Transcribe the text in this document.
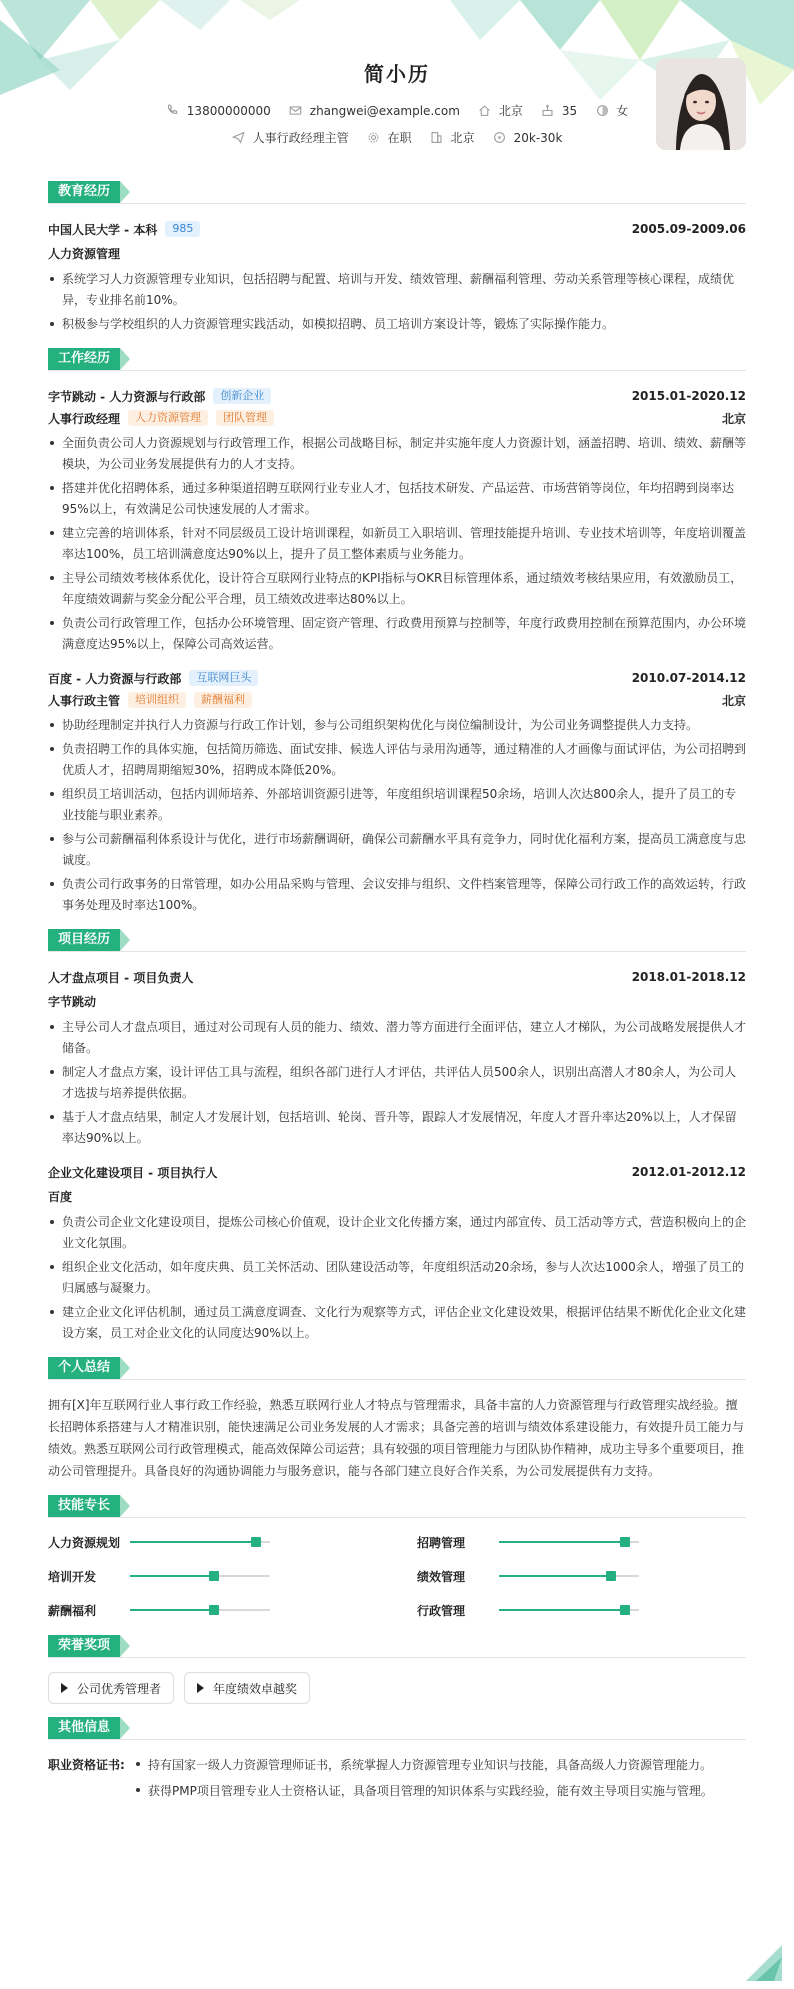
简小历
13800000000	zhangwei@example.com	北京	35	女
人事行政经理主管	在职	北京	20k-30k
教育经历
中国人民大学 - 本科	985	2005.09-2009.06
人力资源管理
系统学习人力资源管理专业知识，包括招聘与配置、培训与开发、绩效管理、薪酬福利管理、劳动关系管理等核心课程，成绩优异，专业排名前10%。
积极参与学校组织的人力资源管理实践活动，如模拟招聘、员工培训方案设计等，锻炼了实际操作能力。
工作经历
字节跳动 - 人力资源与行政部	创新企业	2015.01-2020.12
人事行政经理	人力资源管理	团队管理	北京
全面负责公司人力资源规划与行政管理工作，根据公司战略目标，制定并实施年度人力资源计划，涵盖招聘、培训、绩效、薪酬等模块，为公司业务发展提供有力的人才支持。
搭建并优化招聘体系，通过多种渠道招聘互联网行业专业人才，包括技术研发、产品运营、市场营销等岗位，年均招聘到岗率达95%以上，有效满足公司快速发展的人才需求。
建立完善的培训体系，针对不同层级员工设计培训课程，如新员工入职培训、管理技能提升培训、专业技术培训等，年度培训覆盖率达100%，员工培训满意度达90%以上，提升了员工整体素质与业务能力。
主导公司绩效考核体系优化，设计符合互联网行业特点的KPI指标与OKR目标管理体系，通过绩效考核结果应用，有效激励员工，年度绩效调薪与奖金分配公平合理，员工绩效改进率达80%以上。
负责公司行政管理工作，包括办公环境管理、固定资产管理、行政费用预算与控制等，年度行政费用控制在预算范围内，办公环境满意度达95%以上，保障公司高效运营。
百度 - 人力资源与行政部	互联网巨头	2010.07-2014.12
人事行政主管	培训组织	薪酬福利	北京
协助经理制定并执行人力资源与行政工作计划，参与公司组织架构优化与岗位编制设计，为公司业务调整提供人力支持。
负责招聘工作的具体实施，包括简历筛选、面试安排、候选人评估与录用沟通等，通过精准的人才画像与面试评估，为公司招聘到优质人才，招聘周期缩短30%，招聘成本降低20%。
组织员工培训活动，包括内训师培养、外部培训资源引进等，年度组织培训课程50余场，培训人次达800余人，提升了员工的专业技能与职业素养。
参与公司薪酬福利体系设计与优化，进行市场薪酬调研，确保公司薪酬水平具有竞争力，同时优化福利方案，提高员工满意度与忠诚度。
负责公司行政事务的日常管理，如办公用品采购与管理、会议安排与组织、文件档案管理等，保障公司行政工作的高效运转，行政事务处理及时率达100%。
项目经历
人才盘点项目 - 项目负责人	2018.01-2018.12
字节跳动
主导公司人才盘点项目，通过对公司现有人员的能力、绩效、潜力等方面进行全面评估，建立人才梯队，为公司战略发展提供人才储备。
制定人才盘点方案，设计评估工具与流程，组织各部门进行人才评估，共评估人员500余人，识别出高潜人才80余人，为公司人才选拔与培养提供依据。
基于人才盘点结果，制定人才发展计划，包括培训、轮岗、晋升等，跟踪人才发展情况，年度人才晋升率达20%以上，人才保留率达90%以上。
企业文化建设项目 - 项目执行人	2012.01-2012.12
百度
负责公司企业文化建设项目，提炼公司核心价值观，设计企业文化传播方案，通过内部宣传、员工活动等方式，营造积极向上的企业文化氛围。
组织企业文化活动，如年度庆典、员工关怀活动、团队建设活动等，年度组织活动20余场，参与人次达1000余人，增强了员工的归属感与凝聚力。
建立企业文化评估机制，通过员工满意度调查、文化行为观察等方式，评估企业文化建设效果，根据评估结果不断优化企业文化建设方案，员工对企业文化的认同度达90%以上。
个人总结
拥有[X]年互联网行业人事行政工作经验，熟悉互联网行业人才特点与管理需求，具备丰富的人力资源管理与行政管理实战经验。擅长招聘体系搭建与人才精准识别，能快速满足公司业务发展的人才需求；具备完善的培训与绩效体系建设能力，有效提升员工能力与绩效。熟悉互联网公司行政管理模式，能高效保障公司运营；具有较强的项目管理能力与团队协作精神，成功主导多个重要项目，推动公司管理提升。具备良好的沟通协调能力与服务意识，能与各部门建立良好合作关系，为公司发展提供有力支持。
技能专长
人力资源规划	招聘管理
培训开发	绩效管理
薪酬福利	行政管理
荣誉奖项
公司优秀管理者	年度绩效卓越奖
其他信息
职业资格证书:	持有国家一级人力资源管理师证书，系统掌握人力资源管理专业知识与技能，具备高级人力资源管理能力。
获得PMP项目管理专业人士资格认证，具备项目管理的知识体系与实践经验，能有效主导项目实施与管理。
